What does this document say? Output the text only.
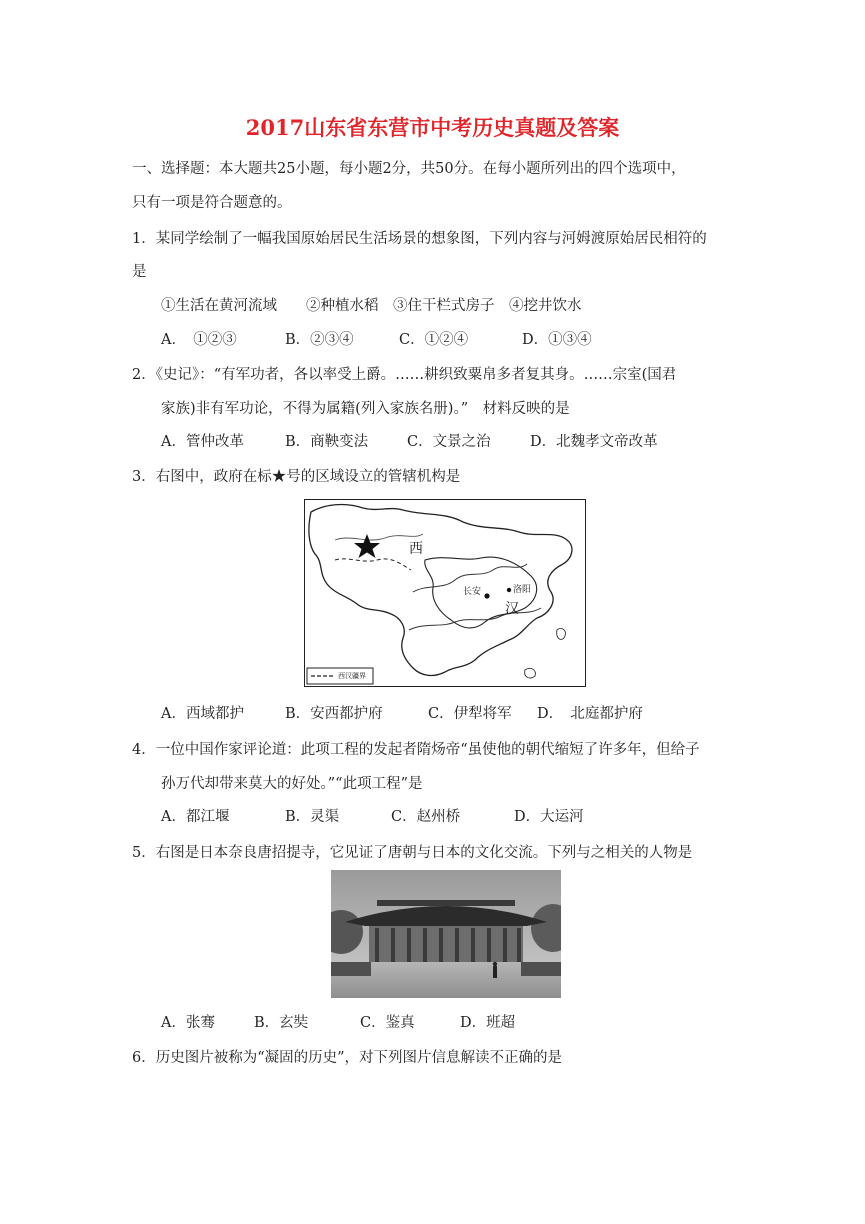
2017山东省东营市中考历史真题及答案
一、选择题：本大题共25小题，每小题2分，共50分。在每小题所列出的四个选项中，
只有一项是符合题意的。
1．某同学绘制了一幅我国原始居民生活场景的想象图，下列内容与河姆渡原始居民相符的
是
①生活在黄河流域　　②种植水稻　③住干栏式房子　④挖井饮水
A．　①②③	B．②③④	C．①②④	D．①③④
2．《史记》：“有军功者，各以率受上爵。……耕织致粟帛多者复其身。……宗室(国君
家族)非有军功论，不得为属籍(列入家族名册)。”　材料反映的是
A．管仲改革	B．商鞅变法	C．文景之治	D．北魏孝文帝改革
3．右图中，政府在标★号的区域设立的管辖机构是
西
汉
长安	洛阳
西汉疆界
A．西域都护	B．安西都护府	C．伊犁将军 D．　北庭都护府
4．一位中国作家评论道：此项工程的发起者隋炀帝“虽使他的朝代缩短了许多年，但给子
孙万代却带来莫大的好处。”“此项工程”是
A．都江堰	B．灵渠	C．赵州桥	D．大运河
5．右图是日本奈良唐招提寺，它见证了唐朝与日本的文化交流。下列与之相关的人物是
A．张骞	B．玄奘	C．鉴真	D．班超
6．历史图片被称为“凝固的历史”，对下列图片信息解读不正确的是
